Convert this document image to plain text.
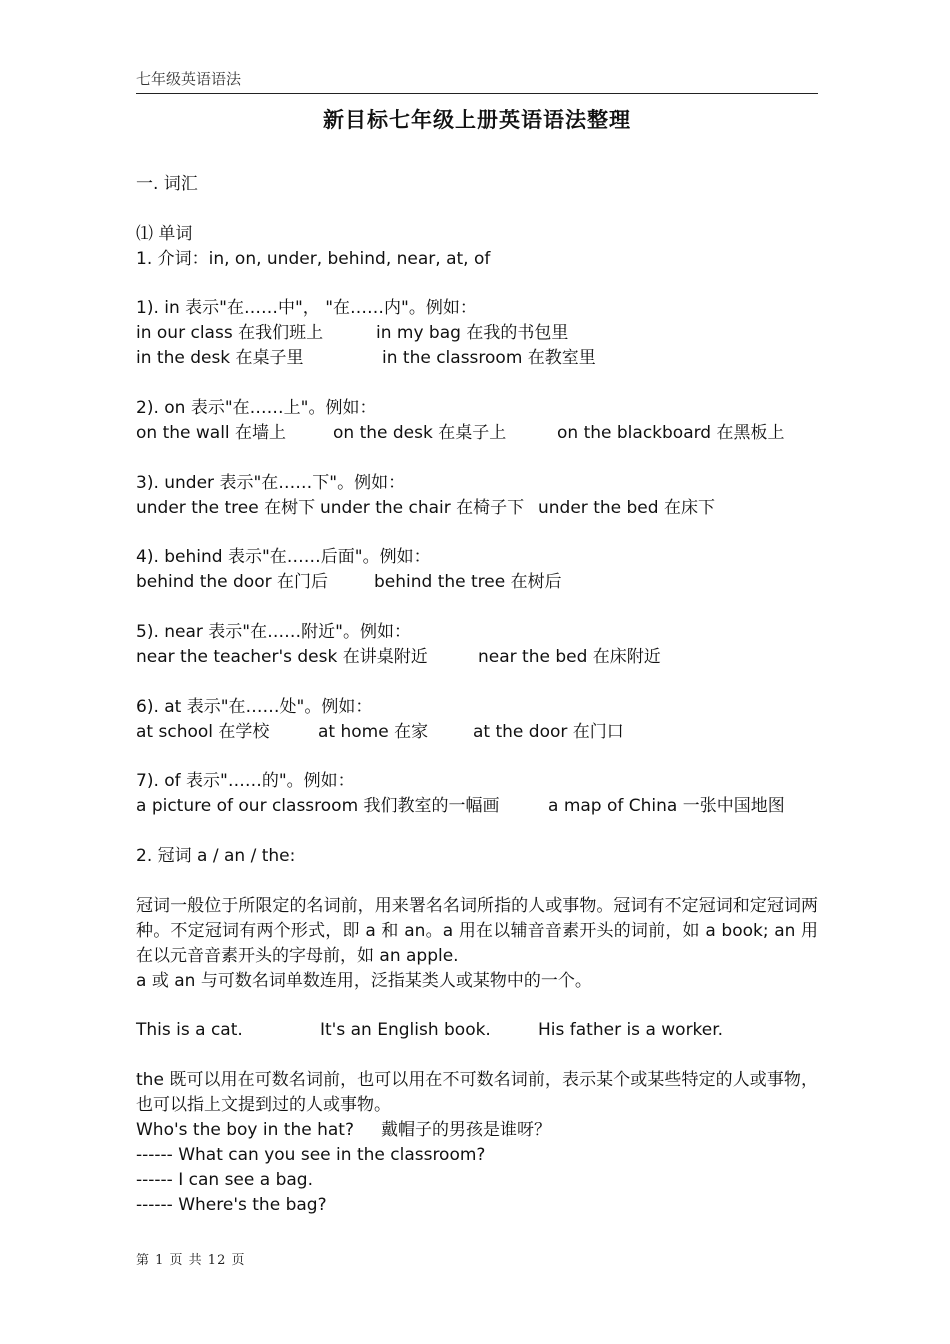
七年级英语语法
新目标七年级上册英语语法整理
一. 词汇
⑴ 单词
1. 介词：in, on, under, behind, near, at, of
1). in 表示"在……中"， "在……内"。例如：
in our class 在我们班上	in my bag 在我的书包里
in the desk 在桌子里	in the classroom 在教室里
2). on 表示"在……上"。例如：
on the wall 在墙上	on the desk 在桌子上	on the blackboard 在黑板上
3). under 表示"在……下"。例如：
under the tree 在树下 under the chair 在椅子下 under the bed 在床下
4). behind 表示"在……后面"。例如：
behind the door 在门后	behind the tree 在树后
5). near 表示"在……附近"。例如：
near the teacher's desk 在讲桌附近	near the bed 在床附近
6). at 表示"在……处"。例如：
at school 在学校	at home 在家	at the door 在门口
7). of 表示"……的"。例如：
a picture of our classroom 我们教室的一幅画	a map of China 一张中国地图
2. 冠词 a / an / the:
冠词一般位于所限定的名词前，用来署名名词所指的人或事物。冠词有不定冠词和定冠词两种。不定冠词有两个形式，即 a 和 an。a 用在以辅音音素开头的词前，如 a book; an 用在以元音音素开头的字母前，如 an apple.
a 或 an 与可数名词单数连用，泛指某类人或某物中的一个。
This is a cat.	It's an English book.	His father is a worker.
the 既可以用在可数名词前，也可以用在不可数名词前，表示某个或某些特定的人或事物，也可以指上文提到过的人或事物。
Who's the boy in the hat? 戴帽子的男孩是谁呀？
------ What can you see in the classroom?
------ I can see a bag.
------ Where's the bag?
第 1 页 共 12 页
